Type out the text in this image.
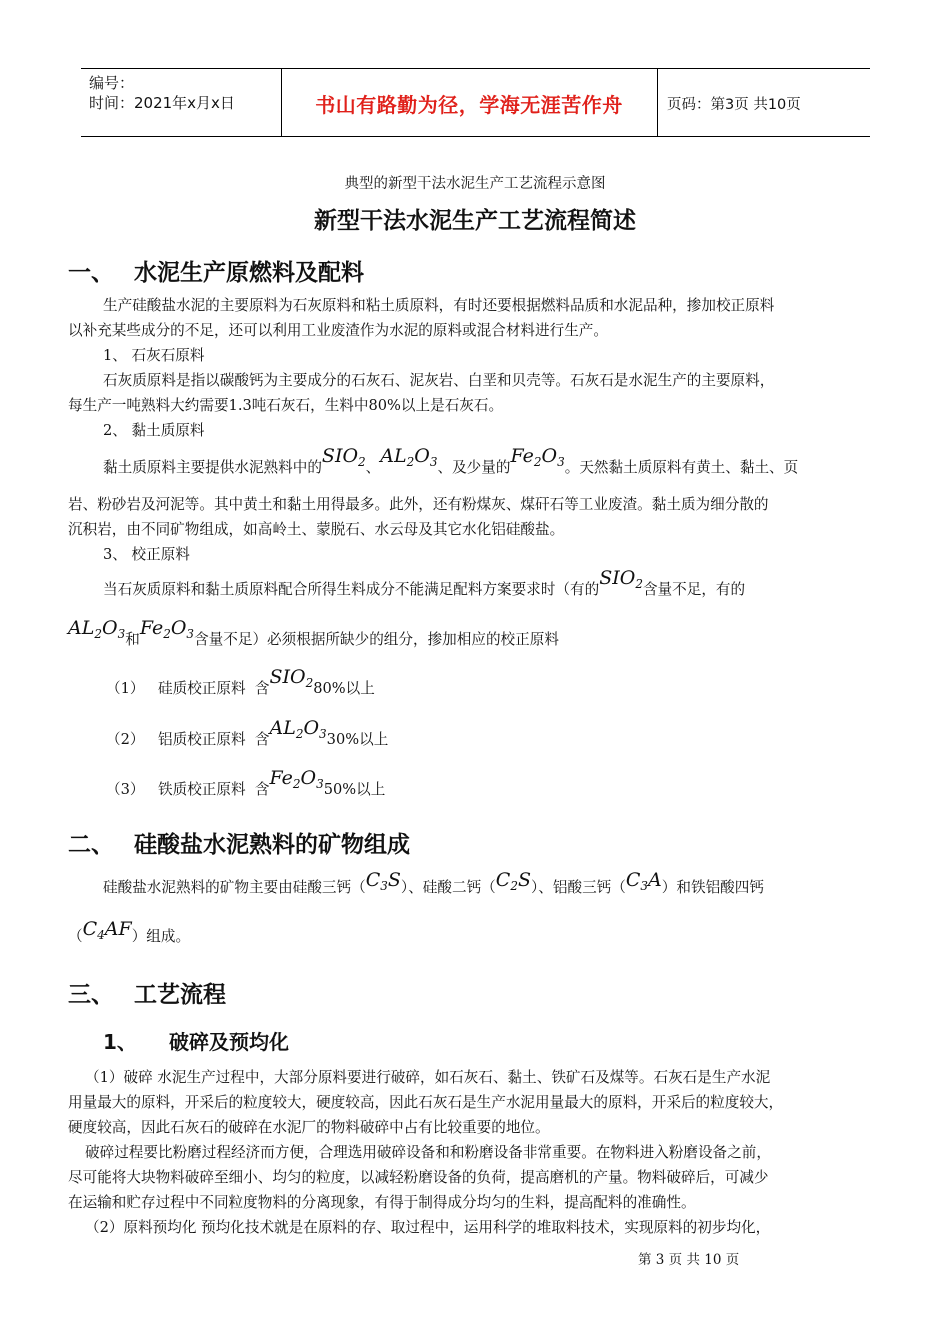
编号：
时间：2021年x月x日	书山有路勤为径，学海无涯苦作舟	页码：第3页 共10页
典型的新型干法水泥生产工艺流程示意图
新型干法水泥生产工艺流程简述
一、 水泥生产原燃料及配料
生产硅酸盐水泥的主要原料为石灰原料和粘土质原料，有时还要根据燃料品质和水泥品种，掺加校正原料
以补充某些成分的不足，还可以利用工业废渣作为水泥的原料或混合材料进行生产。
1、 石灰石原料
石灰质原料是指以碳酸钙为主要成分的石灰石、泥灰岩、白垩和贝壳等。石灰石是水泥生产的主要原料，
每生产一吨熟料大约需要1.3吨石灰石，生料中80%以上是石灰石。
2、 黏土质原料
黏土质原料主要提供水泥熟料中的$SIO_2$、$AL_2O_3$、及少量的$Fe_2O_3$。天然黏土质原料有黄土、黏土、页
岩、粉砂岩及河泥等。其中黄土和黏土用得最多。此外，还有粉煤灰、煤矸石等工业废渣。黏土质为细分散的
沉积岩，由不同矿物组成，如高岭土、蒙脱石、水云母及其它水化铝硅酸盐。
3、 校正原料
当石灰质原料和黏土质原料配合所得生料成分不能满足配料方案要求时（有的$SIO_2$含量不足，有的
$AL_2O_3$和$Fe_2O_3$含量不足）必须根据所缺少的组分，掺加相应的校正原料
（1） 硅质校正原料 含$SIO_280\%$以上
（2） 铝质校正原料 含$AL_2O_330\%$以上
（3） 铁质校正原料 含$Fe_2O_350\%$以上
二、 硅酸盐水泥熟料的矿物组成
硅酸盐水泥熟料的矿物主要由硅酸三钙$(C_3S)$、硅酸二钙$(C_2S)$、铝酸三钙$(C_3A)$和铁铝酸四钙
$(C_4AF)$组成。
三、 工艺流程
1、 破碎及预均化
（1）破碎 水泥生产过程中，大部分原料要进行破碎，如石灰石、黏土、铁矿石及煤等。石灰石是生产水泥
用量最大的原料，开采后的粒度较大，硬度较高，因此石灰石是生产水泥用量最大的原料，开采后的粒度较大，
硬度较高，因此石灰石的破碎在水泥厂的物料破碎中占有比较重要的地位。
破碎过程要比粉磨过程经济而方便，合理选用破碎设备和和粉磨设备非常重要。在物料进入粉磨设备之前，
尽可能将大块物料破碎至细小、均匀的粒度，以减轻粉磨设备的负荷，提高磨机的产量。物料破碎后，可减少
在运输和贮存过程中不同粒度物料的分离现象，有得于制得成分均匀的生料，提高配料的准确性。
（2）原料预均化 预均化技术就是在原料的存、取过程中，运用科学的堆取料技术，实现原料的初步均化，
第 3 页 共 10 页
